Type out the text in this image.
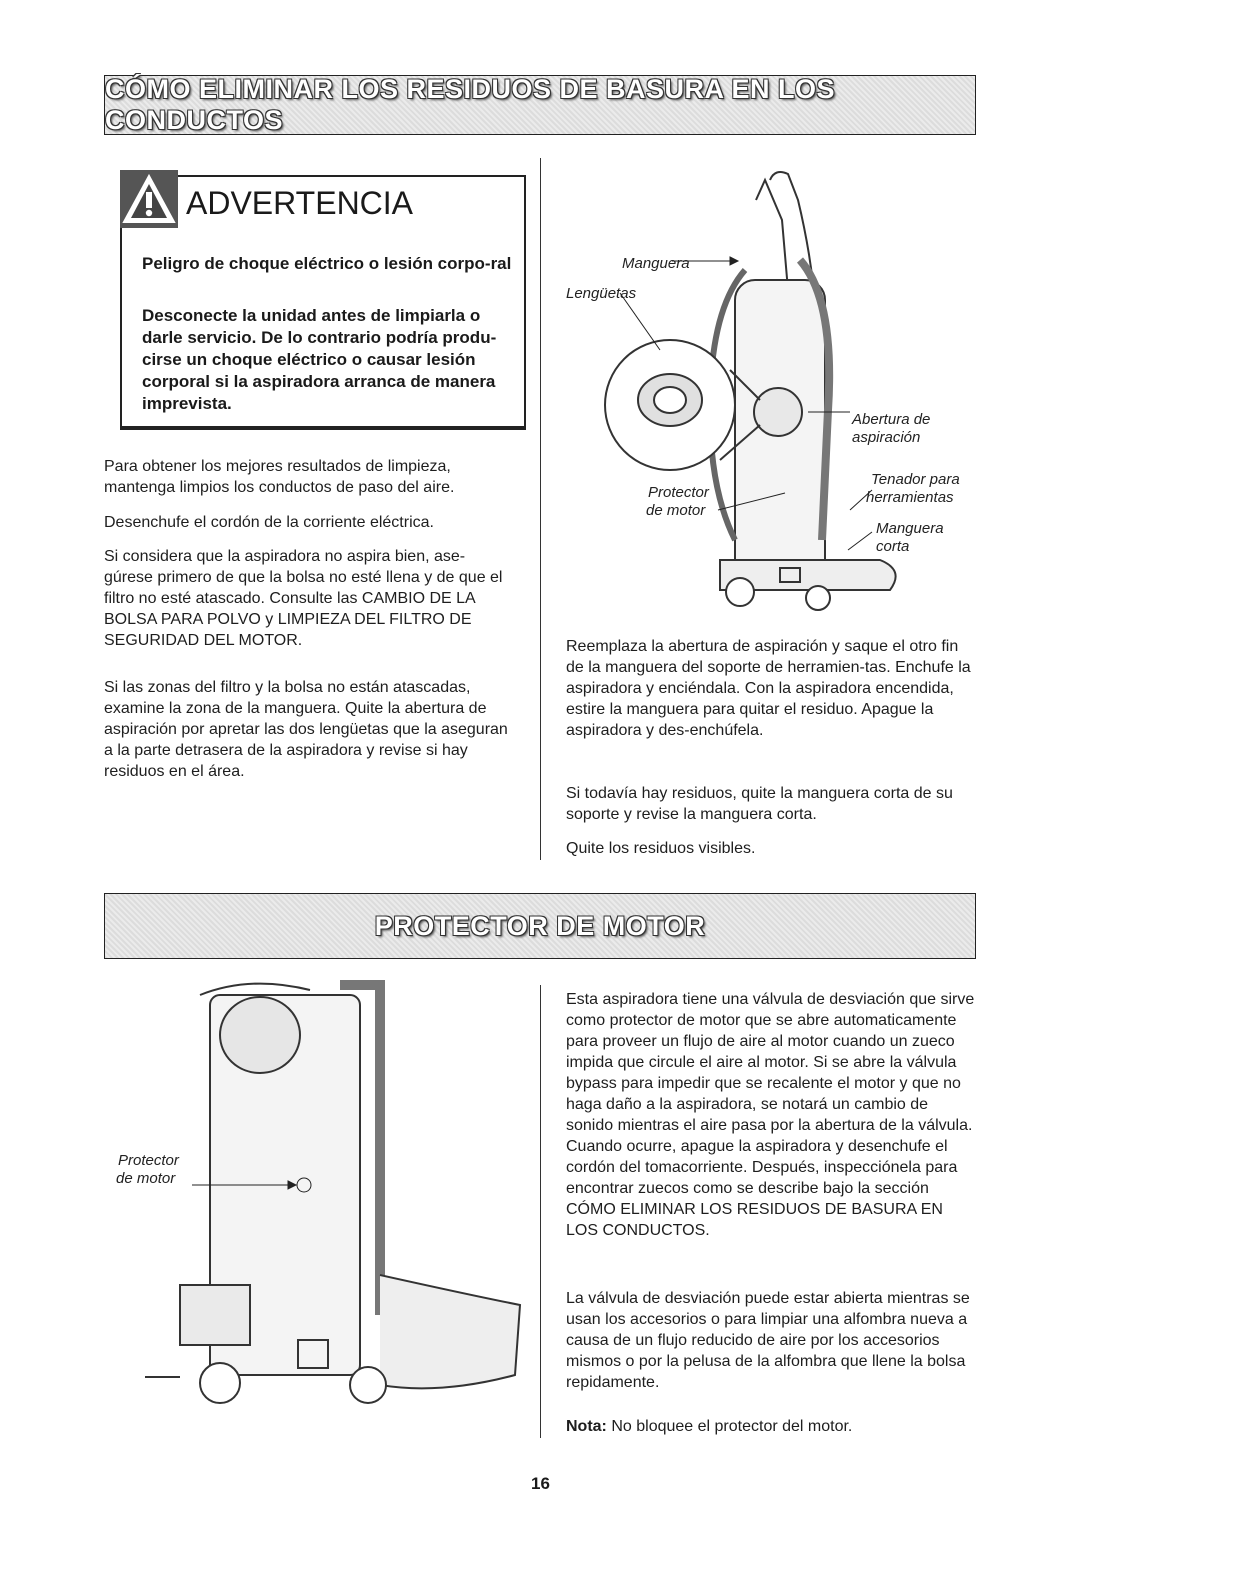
CÓMO ELIMINAR LOS RESIDUOS DE BASURA EN LOS CONDUCTOS
ADVERTENCIA
Peligro de choque eléctrico o lesión corpo-ral
Desconecte la unidad antes de limpiarla o darle servicio. De lo contrario podría produ-cirse un choque eléctrico o causar lesión corporal si la aspiradora arranca de manera imprevista.

Para obtener los mejores resultados de limpieza, mantenga limpios los conductos de paso del aire.

Desenchufe el cordón de la corriente eléctrica.

Si considera que la aspiradora no aspira bien, ase-gúrese primero de que la bolsa no esté llena y de que el filtro no esté atascado. Consulte las CAMBIO DE LA BOLSA PARA POLVO y LIMPIEZA DEL FILTRO DE SEGURIDAD DEL MOTOR.

Si las zonas del filtro y la bolsa no están atascadas, examine la zona de la manguera. Quite la abertura de aspiración por apretar las dos lengüetas que la aseguran a la parte detrasera de la aspiradora y revise si hay residuos en el área.

Manguera
Lengüetas
Abertura de
aspiración
Tenador para
herramientas
Protector
de motor
Manguera
corta

Reemplaza la abertura de aspiración y saque el otro fin de la manguera del soporte de herramien-tas. Enchufe la aspiradora y enciéndala. Con la aspiradora encendida, estire la manguera para quitar el residuo. Apague la aspiradora y des-enchúfela.

Si todavía hay residuos, quite la manguera corta de su soporte y revise la manguera corta.

Quite los residuos visibles.

PROTECTOR DE MOTOR
Protector
de motor

Esta aspiradora tiene una válvula de desviación que sirve como protector de motor que se abre automaticamente para proveer un flujo de aire al motor cuando un zueco impida que circule el aire al motor. Si se abre la válvula bypass para impedir que se recalente el motor y que no haga daño a la aspiradora, se notará un cambio de sonido mientras el aire pasa por la abertura de la válvula. Cuando ocurre, apague la aspiradora y desenchufe el cordón del tomacorriente. Después, inspecciónela para encontrar zuecos como se describe bajo la sección CÓMO ELIMINAR LOS RESIDUOS DE BASURA EN LOS CONDUCTOS.

La válvula de desviación puede estar abierta mientras se usan los accesorios o para limpiar una alfombra nueva a causa de un flujo reducido de aire por los accesorios mismos o por la pelusa de la alfombra que llene la bolsa repidamente.

Nota: No bloquee el protector del motor.

16
